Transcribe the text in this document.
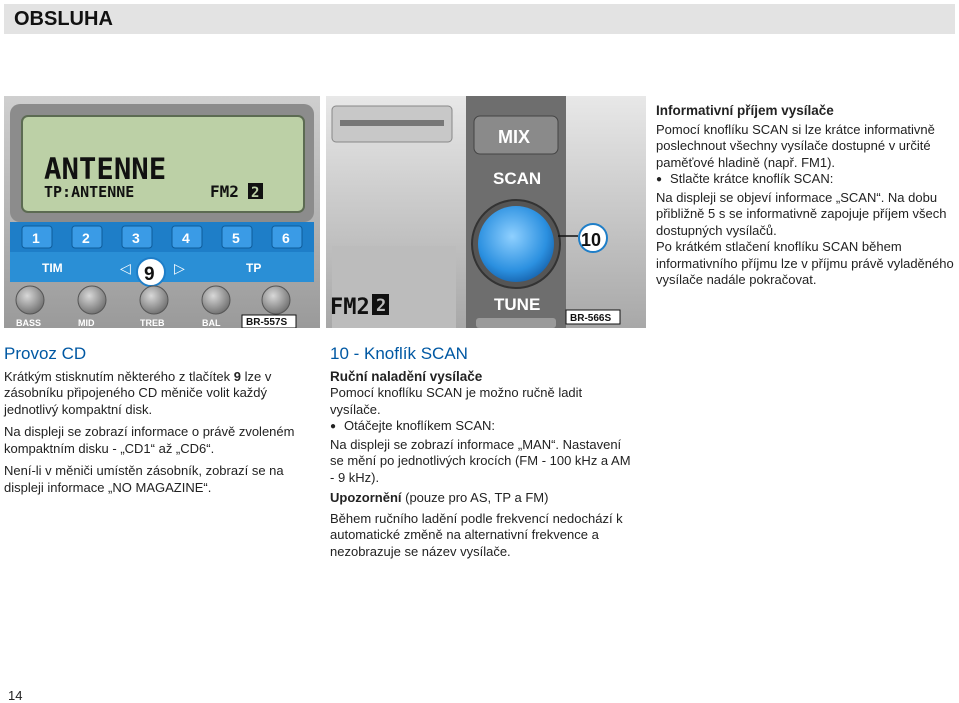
OBSLUHA
ANTENNE
TP:ANTENNE	FM2 2
1	2	3	4	5	6
TIM	◁	▷	TP
9
BASS	MID	TREB	BAL	BR-557S
FM2 2
MIX
SCAN
TUNE
10
BR-566S

Informativní příjem vysílače

Pomocí knoflíku SCAN si lze krátce informativně poslechnout všechny vysílače dostupné v určité paměťové hladině (např. FM1).

● Stlačte krátce knoflík SCAN:

Na displeji se objeví informace „SCAN“. Na dobu přibližně 5 s se informativně zapojuje příjem všech dostupných vysílačů.

Po krátkém stlačení knoflíku SCAN během informativního příjmu lze v příjmu právě vyladěného vysílače nadále pokračovat.

Provoz CD

Krátkým stisknutím některého z tlačítek 9 lze v zásobníku připojeného CD měniče volit každý jednotlivý kompaktní disk.

Na displeji se zobrazí informace o právě zvoleném kompaktním disku - „CD1“ až „CD6“.

Není-li v měniči umístěn zásobník, zobrazí se na displeji informace „NO MAGAZINE“.

10 - Knoflík SCAN

Ruční naladění vysílače

Pomocí knoflíku SCAN je možno ručně ladit vysílače.

● Otáčejte knoflíkem SCAN:

Na displeji se zobrazí informace „MAN“. Nastavení se mění po jednotlivých krocích (FM - 100 kHz a AM - 9 kHz).

Upozornění (pouze pro AS, TP a FM)

Během ručního ladění podle frekvencí nedochází k automatické změně na alternativní frekvence a nezobrazuje se název vysílače.

14
